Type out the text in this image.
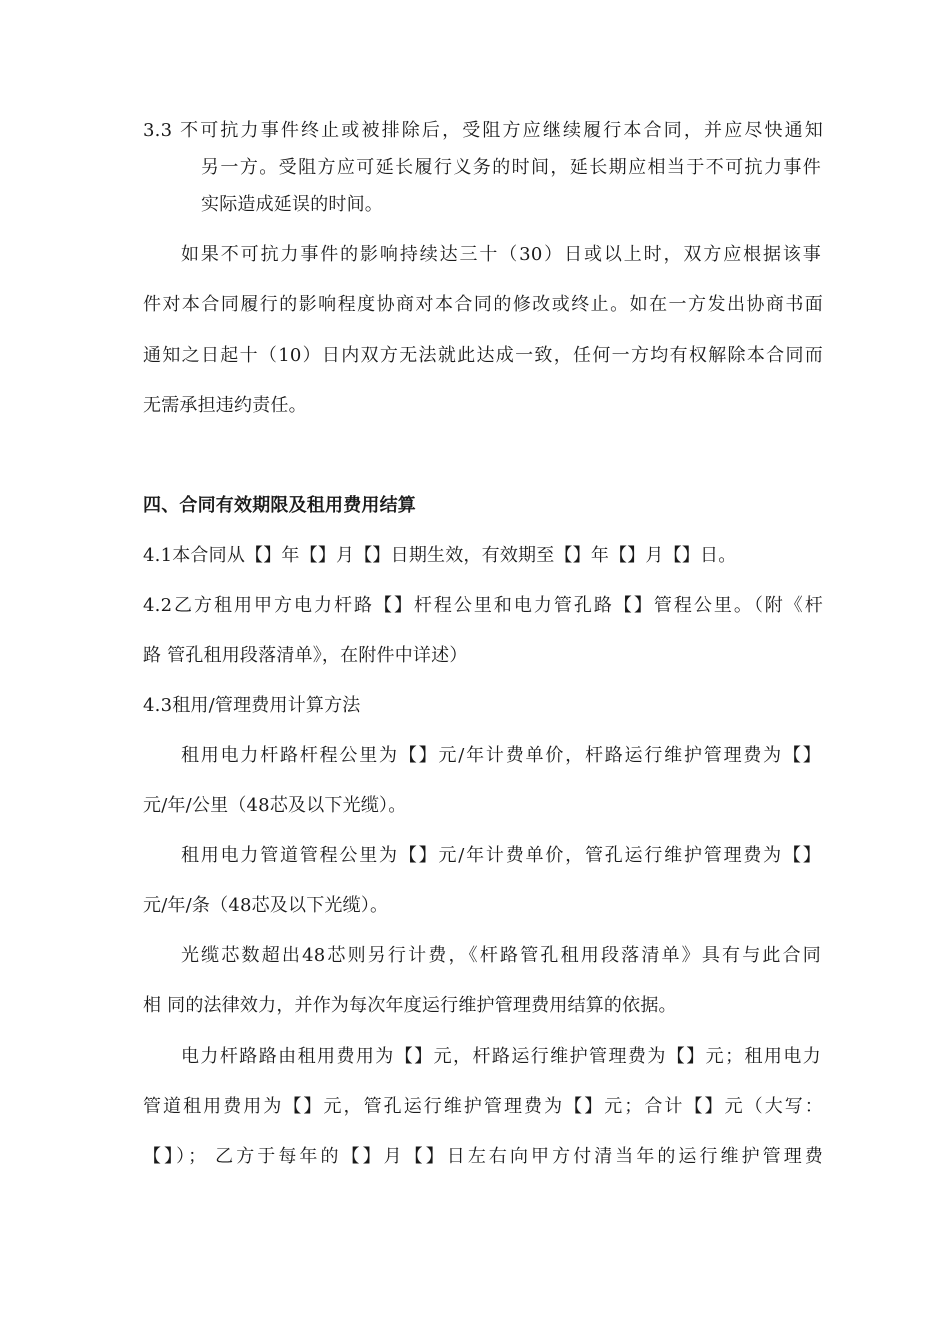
3.3 不可抗力事件终止或被排除后，受阻方应继续履行本合同，并应尽快通知
另一方。受阻方应可延长履行义务的时间，延长期应相当于不可抗力事件
实际造成延误的时间。
如果不可抗力事件的影响持续达三十（30）日或以上时，双方应根据该事
件对本合同履行的影响程度协商对本合同的修改或终止。如在一方发出协商书面
通知之日起十（10）日内双方无法就此达成一致，任何一方均有权解除本合同而
无需承担违约责任。
四、合同有效期限及租用费用结算
4.1本合同从【】年【】月【】日期生效，有效期至【】年【】月【】日。
4.2乙方租用甲方电力杆路【】杆程公里和电力管孔路【】管程公里。（附《杆
路 管孔租用段落清单》，在附件中详述）
4.3租用/管理费用计算方法
租用电力杆路杆程公里为【】元/年计费单价，杆路运行维护管理费为【】
元/年/公里（48芯及以下光缆）。
租用电力管道管程公里为【】元/年计费单价，管孔运行维护管理费为【】
元/年/条（48芯及以下光缆）。
光缆芯数超出48芯则另行计费，《杆路管孔租用段落清单》具有与此合同
相 同的法律效力，并作为每次年度运行维护管理费用结算的依据。
电力杆路路由租用费用为【】元，杆路运行维护管理费为【】元；租用电力
管道租用费用为【】元，管孔运行维护管理费为【】元；合计【】元（大写：
【】）； 乙方于每年的【】月【】日左右向甲方付清当年的运行维护管理费
